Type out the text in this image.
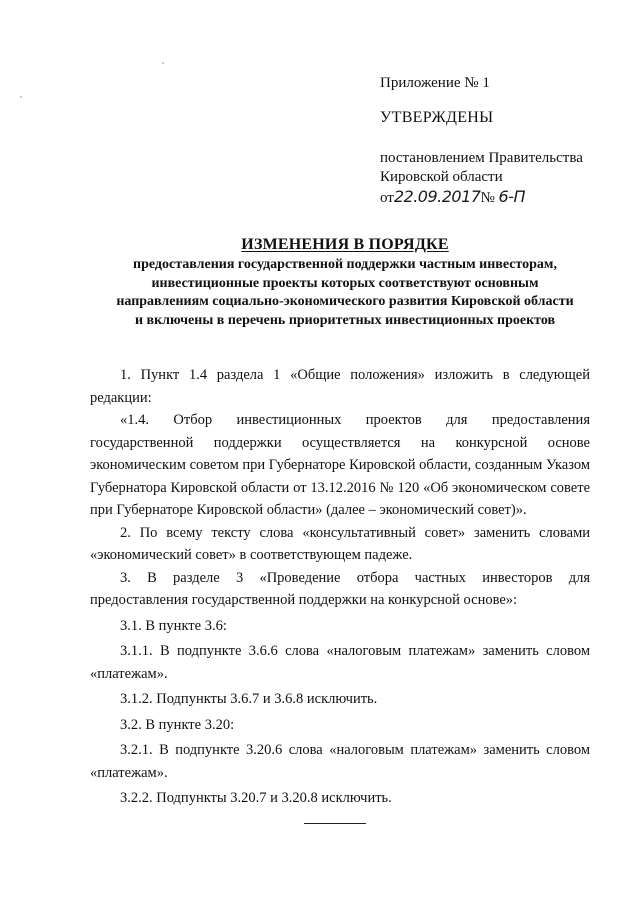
Приложение № 1
УТВЕРЖДЕНЫ
постановлением Правительства
Кировской области
от22.09.2017№ 6-П
ИЗМЕНЕНИЯ В ПОРЯДКЕ
предоставления государственной поддержки частным инвесторам,
инвестиционные проекты которых соответствуют основным
направлениям социально-экономического развития Кировской области
и включены в перечень приоритетных инвестиционных проектов

1. Пункт 1.4 раздела 1 «Общие положения» изложить в следующей редакции:

«1.4. Отбор инвестиционных проектов для предоставления государственной поддержки осуществляется на конкурсной основе экономическим советом при Губернаторе Кировской области, созданным Указом Губернатора Кировской области от 13.12.2016 № 120 «Об экономическом совете при Губернаторе Кировской области» (далее – экономический совет)».

2. По всему тексту слова «консультативный совет» заменить словами «экономический совет» в соответствующем падеже.

3. В разделе 3 «Проведение отбора частных инвесторов для предоставления государственной поддержки на конкурсной основе»:

3.1. В пункте 3.6:

3.1.1. В подпункте 3.6.6 слова «налоговым платежам» заменить словом «платежам».

3.1.2. Подпункты 3.6.7 и 3.6.8 исключить.

3.2. В пункте 3.20:

3.2.1. В подпункте 3.20.6 слова «налоговым платежам» заменить словом «платежам».

3.2.2. Подпункты 3.20.7 и 3.20.8 исключить.
